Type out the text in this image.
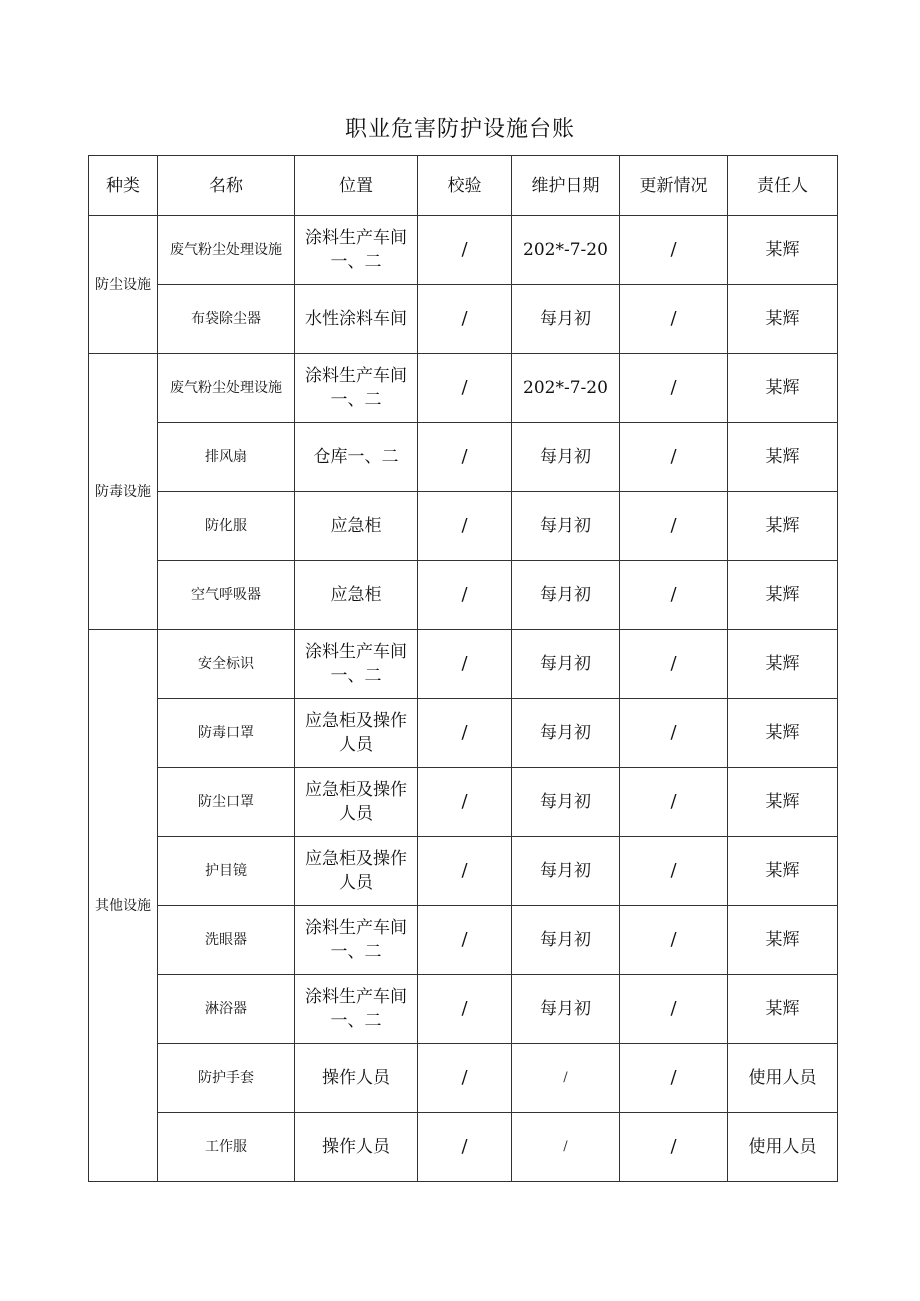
职业危害防护设施台账
种类	名称	位置	校验	维护日期	更新情况	责任人
防尘设施	废气粉尘处理设施	涂料生产车间一、二	/	202*-7-20	/	某辉
	布袋除尘器	水性涂料车间	/	每月初	/	某辉
防毒设施	废气粉尘处理设施	涂料生产车间一、二	/	202*-7-20	/	某辉
	排风扇	仓库一、二	/	每月初	/	某辉
	防化服	应急柜	/	每月初	/	某辉
	空气呼吸器	应急柜	/	每月初	/	某辉
其他设施	安全标识	涂料生产车间一、二	/	每月初	/	某辉
	防毒口罩	应急柜及操作人员	/	每月初	/	某辉
	防尘口罩	应急柜及操作人员	/	每月初	/	某辉
	护目镜	应急柜及操作人员	/	每月初	/	某辉
	洗眼器	涂料生产车间一、二	/	每月初	/	某辉
	淋浴器	涂料生产车间一、二	/	每月初	/	某辉
	防护手套	操作人员	/	/	/	使用人员
	工作服	操作人员	/	/	/	使用人员
